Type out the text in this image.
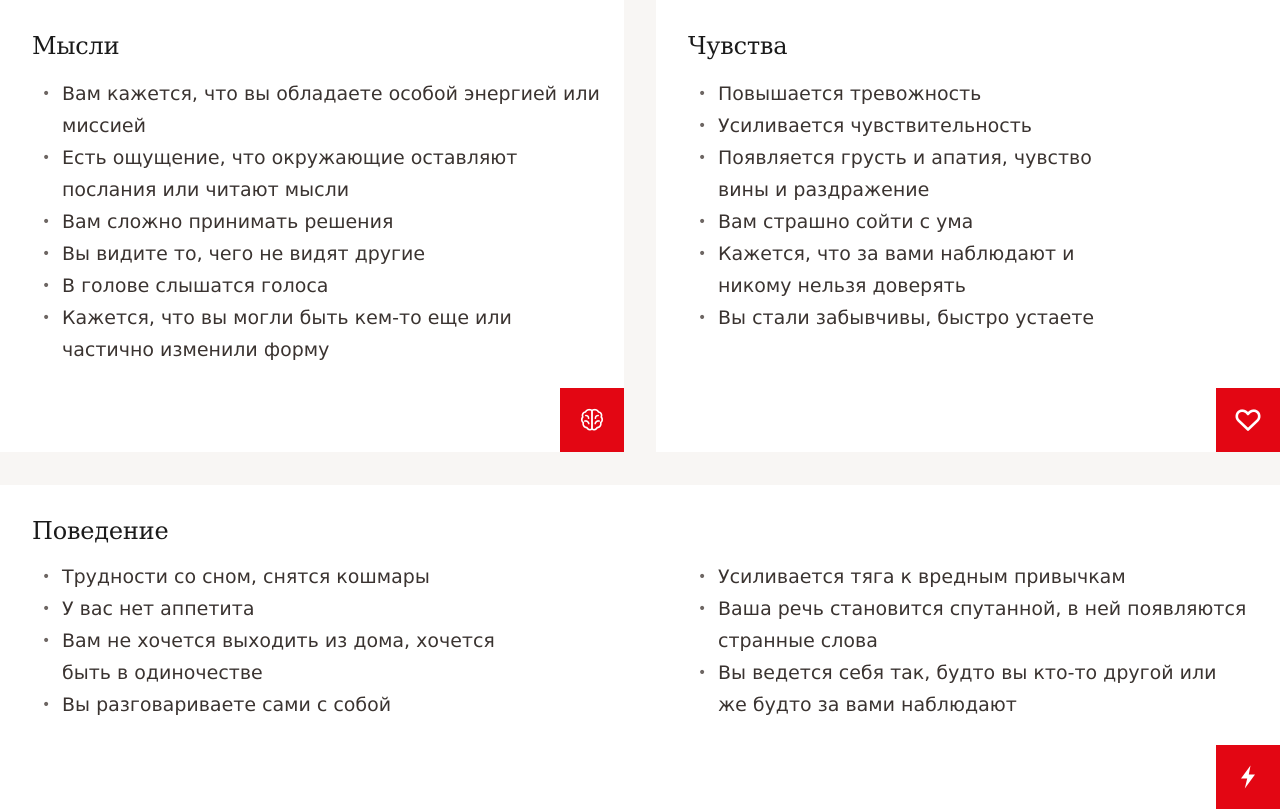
Мысли
• Вам кажется, что вы обладаете особой энергией или миссией
• Есть ощущение, что окружающие оставляют послания или читают мысли
• Вам сложно принимать решения
• Вы видите то, чего не видят другие
• В голове слышатся голоса
• Кажется, что вы могли быть кем-то еще или частично изменили форму
Чувства
• Повышается тревожность
• Усиливается чувствительность
• Появляется грусть и апатия, чувство вины и раздражение
• Вам страшно сойти с ума
• Кажется, что за вами наблюдают и никому нельзя доверять
• Вы стали забывчивы, быстро устаете
Поведение
• Трудности со сном, снятся кошмары
• У вас нет аппетита
• Вам не хочется выходить из дома, хочется быть в одиночестве
• Вы разговариваете сами с собой
• Усиливается тяга к вредным привычкам
• Ваша речь становится спутанной, в ней появляются странные слова
• Вы ведется себя так, будто вы кто-то другой или же будто за вами наблюдают
